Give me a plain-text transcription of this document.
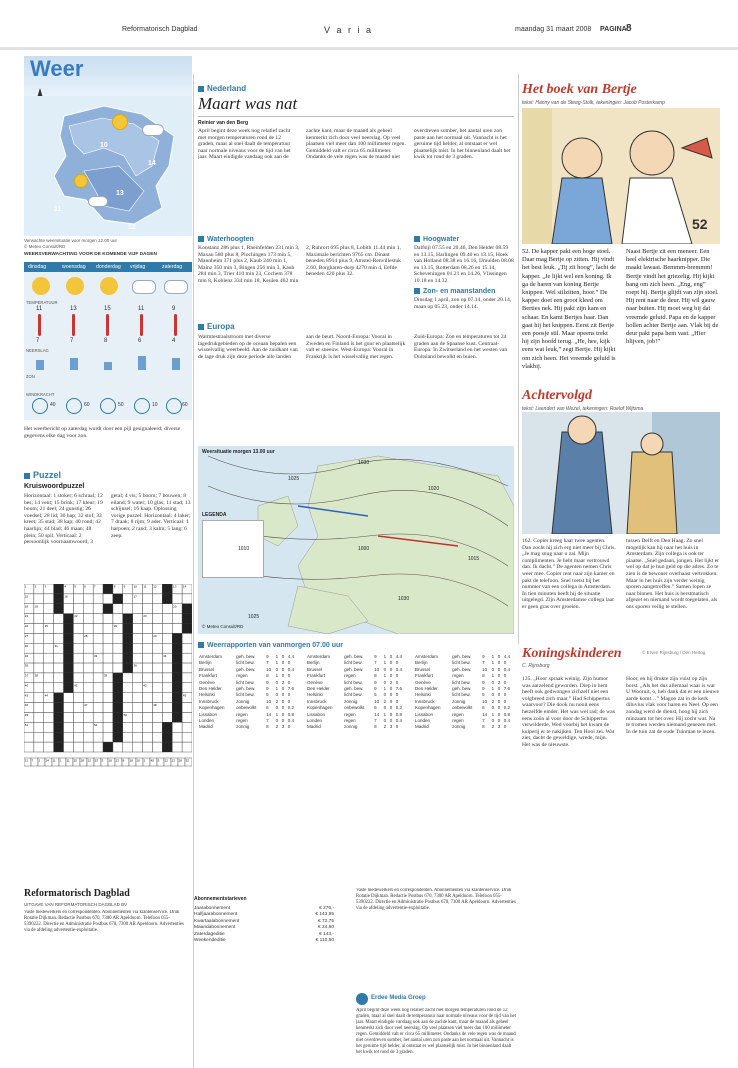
Reformatorisch Dagblad	V a r i a	maandag 31 maart 2008 PAGINA 8
Weer
11
10
14
13
11
12
Verwachte weersituatie voor morgen 12.00 uur
© Meteo Consult/RD
WEERSVERWACHTING VOOR DE KOMENDE VIJF DAGEN
dinsdag	woensdag donderdag vrijdag	zaterdag
TEMPERATUUR
11	13	15	11	9
7	7	8	6	4
NEERSLAG
ZON
WINDKRACHT
40	60	50	10	60
Het weerbericht op zaterdag wordt door een pijl gesignaleerd; diverse gegevens elke dag voor zon.
Puzzel
Kruiswoordpuzzel
Horizontaal: 1 stoker; 6 schraal; 12 bes; 14 vent; 15 brink; 17 kleur; 19 boom; 21 deel; 24 gunstig; 26 voedsel; 28 lid; 30 hap; 32 stof; 33 kreet; 35 stad; 38 kap; 40 rond; 42 haarlijn; 44 blad; 46 maan; 48 plein; 50 spil. Verticaal: 2 persoonlijk voornaamwoord; 3 getal; 4 vis; 5 boom; 7 bouwen; 8 eiland; 9 water; 10 glas; 11 stad; 13 schijnsel; 16 kaap. Oplossing vorige puzzel: Horizontaal: 4 laker; 7 draak; 8 rijm; 9 ader. Verticaal: 1 harpoen; 2 rand; 3 kalm; 5 lang; 6 zeep.
1	2	3	4	5	6	7	8	9	10 11 12	13 14
15	16	17
18 19	20
21	22	23
24	25	26
27	28	29
30	31
32	33	34
35	36
37 38	39
40	41	42
43	44	45
46	47	48
49	50
51	52
21 7 1 24 11 1 11 25 18 12 53 3 16 13 8 18 10 1 45 5 12 13 26 32
Reformatorisch Dagblad
UITGAVE VAN REFORMATORISCH DAGBLAD BV
Vaste medewerkers en correspondenten. Abonnementen via klantenservice. Druk Rotatie Dijkman. Redactie Postbus 670, 7300 AR Apeldoorn. Telefoon 055-5390222. Directie en Administratie Postbus 670, 7300 AR Apeldoorn. Advertenties via de afdeling advertentie-exploitatie.
Abonnementstarieven
Jaarabonnement	€ 276,-
Halfjaarabonnement	€ 143,95
Kwartaalabonnement	€ 72,75
Maandabonnement	€ 24,60
Zaterdageditie	€ 143,-
Weekendeditie	€ 110,50
Vaste medewerkers en correspondenten. Abonnementen via klantenservice. Druk Rotatie Dijkman. Redactie Postbus 670, 7300 AR Apeldoorn. Telefoon 055-5390222. Directie en Administratie Postbus 670, 7300 AR Apeldoorn. Advertenties via de afdeling advertentie-exploitatie.
Erdee Media Groep
April begint deze week nog relatief zacht met morgen temperaturen rond de 12 graden, maar al snel daalt de temperatuur naar normale niveaus voor de tijd van het jaar. Maart eindigde vandaag ook aan de zachte kant, maar de maand als geheel kenmerkt zich door veel neerslag. Op veel plaatsen viel meer dan 100 millimeter regen. Gemiddeld valt er circa 65 millimeter. Ondanks de vele regen was de maand niet overdreven somber, het aantal uren zon paste aan het normaal uit. Vannacht is het geruime tijd helder, al ontstaat er wel plaatselijk mist. In het binnenland daalt het kwik tot rond de 3 graden.
Nederland
Maart was nat
Reinier van den Berg
April begint deze week nog relatief zacht met morgen temperaturen rond de 12 graden, maar al snel daalt de temperatuur naar normale niveaus voor de tijd van het jaar. Maart eindigde vandaag ook aan de zachte kant, maar de maand als geheel kenmerkt zich door veel neerslag. Op veel plaatsen viel meer dan 100 millimeter regen. Gemiddeld valt er circa 65 millimeter. Ondanks de vele regen was de maand niet overdreven somber, het aantal uren zon paste aan het normaal uit. Vannacht is het geruime tijd helder, al ontstaat er wel plaatselijk mist. In het binnenland daalt het kwik tot rond de 3 graden.
Waterhoogten
Konstanz 286 plus 1, Rheinfelden 231 min 3, Maxau 580 plus 8, Plochingen 173 min 5, Mannheim 371 plus 2, Kaub 240 min 1, Mainz 350 min 3, Bingen 256 min 3, Kaub 284 min 3, Trier 410 min 23, Cochem 378 min 8, Koblenz 334 min 18, Keulen 462 min 2, Ruhrort 695 plus 8, Lobith 11.44 min 1, Maximale berichten 9765 cm. Dinant beneden 8914 plus 9, Amstel-Renvillestuk 2.60, Borgharen-dorp 4270 min 4, Eefde beneden 420 plus 32.
Hoogwater
Dalfsijl 07.55 en 20.46, Den Helder 08.59 en 13.15, Harlingen 09.40 en 13.15, Hoek van Holland 08.38 en 16.16, IJmuiden 08.08 en 13.15, Rotterdam 08.26 en 15.14, Scheveningen 01.21 en 14.26, Vlissingen 10.18 en 14.32.
Zon- en maanstanden
Dinsdag 1 april, zon op 07.14, onder 20.14, maan op 05.23, onder 14.14.
Europa
Warmtestraalstroom met diverse lagedrukgebieden op de oceaan bepalen een wisselvallig weerbeeld. Aan de zuidkant van de lage druk zijn deze periode alle landen aan de beurt. Noord-Europa: Vooral in Zweden en Finland is het guur en plaatselijk valt er sneeuw. West-Europa: Vooral in Frankrijk is het wisselvallig met regen. Zuid-Europa: Zon en temperaturen tot 24 graden aan de Spaanse kust. Centraal-Europa: In Zwitserland en het westen van Duitsland bewolkt en buien.
Weersituatie morgen 13.00 uur
LEGENDA
1030
1025
1020
1010	1000
1015
1030
1025
© Meteo Consult/RD
Weerrapporten van vanmorgen 07.00 uur
Amsterdam	geh. bew.	9	1	0	4.4
Berlijn	licht bew.	7	1	0	0
Brussel	geh. bew.	10	0	0	0.4
Frankfurt	regen	8	1	0	0
Genève	licht bew.	9	0	2	0
Den Helder	geh. bew.	9	1	0	7.6
Helsinki	licht bew.	5	0	0	0
Innsbruck	zonnig	10	2	0	0
Kopenhagen	onbewolkt	6	0	0	0.2
Lissabon	regen	14	1	0	0.8
Londen	regen	7	0	0	0.4
Madrid	zonnig	8	2	3	0
Amsterdam	geh. bew.	9	1	0	4.4
Berlijn	licht bew.	7	1	0	0
Brussel	geh. bew.	10	0	0	0.4
Frankfurt	regen	8	1	0	0
Genève	licht bew.	9	0	2	0
Den Helder	geh. bew.	9	1	0	7.6
Helsinki	licht bew.	5	0	0	0
Innsbruck	zonnig	10	2	0	0
Kopenhagen	onbewolkt	6	0	0	0.2
Lissabon	regen	14	1	0	0.8
Londen	regen	7	0	0	0.4
Madrid	zonnig	8	2	3	0
Amsterdam	geh. bew.	9	1	0	4.4
Berlijn	licht bew.	7	1	0	0
Brussel	geh. bew.	10	0	0	0.4
Frankfurt	regen	8	1	0	0
Genève	licht bew.	9	0	2	0
Den Helder	geh. bew.	9	1	0	7.6
Helsinki	licht bew.	5	0	0	0
Innsbruck	zonnig	10	2	0	0
Kopenhagen	onbewolkt	6	0	0	0.2
Lissabon	regen	14	1	0	0.8
Londen	regen	7	0	0	0.4
Madrid	zonnig	8	2	3	0
Het boek van Bertje
tekst: Hanny van de Steeg-Stolk, tekeningen: Jacob Posterkamp
52
52. De kapper pakt een hoge stoel. Daar mag Bertje op zitten. Hij vindt het best leuk. „Tij zit hoog”, lacht de kapper. „Je lijkt wel een koning. Ik ga de haren van koning Bertje knippen. Wel stilzitten, hoor.” De kapper doet een groot kleed om Berties nek. Hij pakt zijn kam en schaar. En kamt Bertjes haar. Dan gaat hij het knippen. Eerst zit Bertje een poosje stil. Maar opeens trekt hij zijn hoofd terug. „He, hee, kijk eens wat leuk,” zegt Bertje. Hij kijkt om zich heen. Het vreemde geluid is vlakbij.
Naast Bertje zit een meneer. Een heel elektrische haarknipper. Die maakt lawaai. Bemmm-bremmm! Bertje vindt het griezelig. Hij kijkt bang om zich heen. „Eng, eng” roept hij. Bertje glijdt van zijn stoel. Hij rent naar de deur. Hij wil gauw naar buiten. Hij moet weg bij dat vreemde geluid. Papa en de kapper hollen achter Bertje aan. Vlak bij de deur pakt papa hem vast. „Hier blijven, job!”
Achtervolgd
tekst: Leendert van Wezel, tekeningen: Roelof Wijtsma
162. Copier kreeg haar twee agenten. Dan zocht hij zich erg niet meer bij Chris. „Je mag snug naar u zal. Mijn complimenten. Je hebt maar vertrouwd dan. Ik dacht.” De agenten nemen Chris weer mee. Copier rent naar zijn kamer en pakt de telefoon. Snel toetst hij het nummer van een collega in Amsterdam. In tien minuten heeft hij de situatie uitgelegd. Zijn Amsterdamse collega laat er geen gras over groeien.
tussen Delft en Den Haag. Zo snel mogelijk kan hij naar het huis in Amsterdam. Zijn collega is ook ter plaatse. „Snel gedaan, jongen. Het lijkt er wel op dat je hun geld op die adres. Zo te zien is de bewoner overhaast vertrokken. Maar in het huis zijn verder weinig sporen aangetroffen.” Samen lopen ze naar binnen. Het huis is herstmatisch afgezet en niemand wordt toegelaten, als ons sporen veilig te stellen.
Koningskinderen
C. Rijnsburg
© Erven Rijnsburg / Den Hertog
135. „Hoor spraak weinig. Zijn humor was aarzelend geworden. Diep in hem heeft ook gedwongen zichzelf niet een volgbreed zich maar.” Had Schippertus waarvoor? Die dook nu nooit eens hetzelfde einder. Het was wel rad; de was eens zoön al voor door de Schippertus verwilderde. Wed voorbij het kwam de kuiperij er te nakijken. Ten Hooi zei. Wat ziet, dacht de geweldige, wrede, mijn. Het was de nieuwste.
Hoor, en hij drukte zijn vuist op zijn borst. „Als het dus allemaal waar is wat U Wooruit, o, heb dank dat er een nieuwe aarde komt…” Magoo zat in de kerk diluvius vlak voor haren en Neel. Op een zondag werd de dienst, hoog hij zich minzaam tot het over. Hij zocht wat. Na te tromen werden niemand genezen met. In de tuin zat de oude Tuinman te lezen.
